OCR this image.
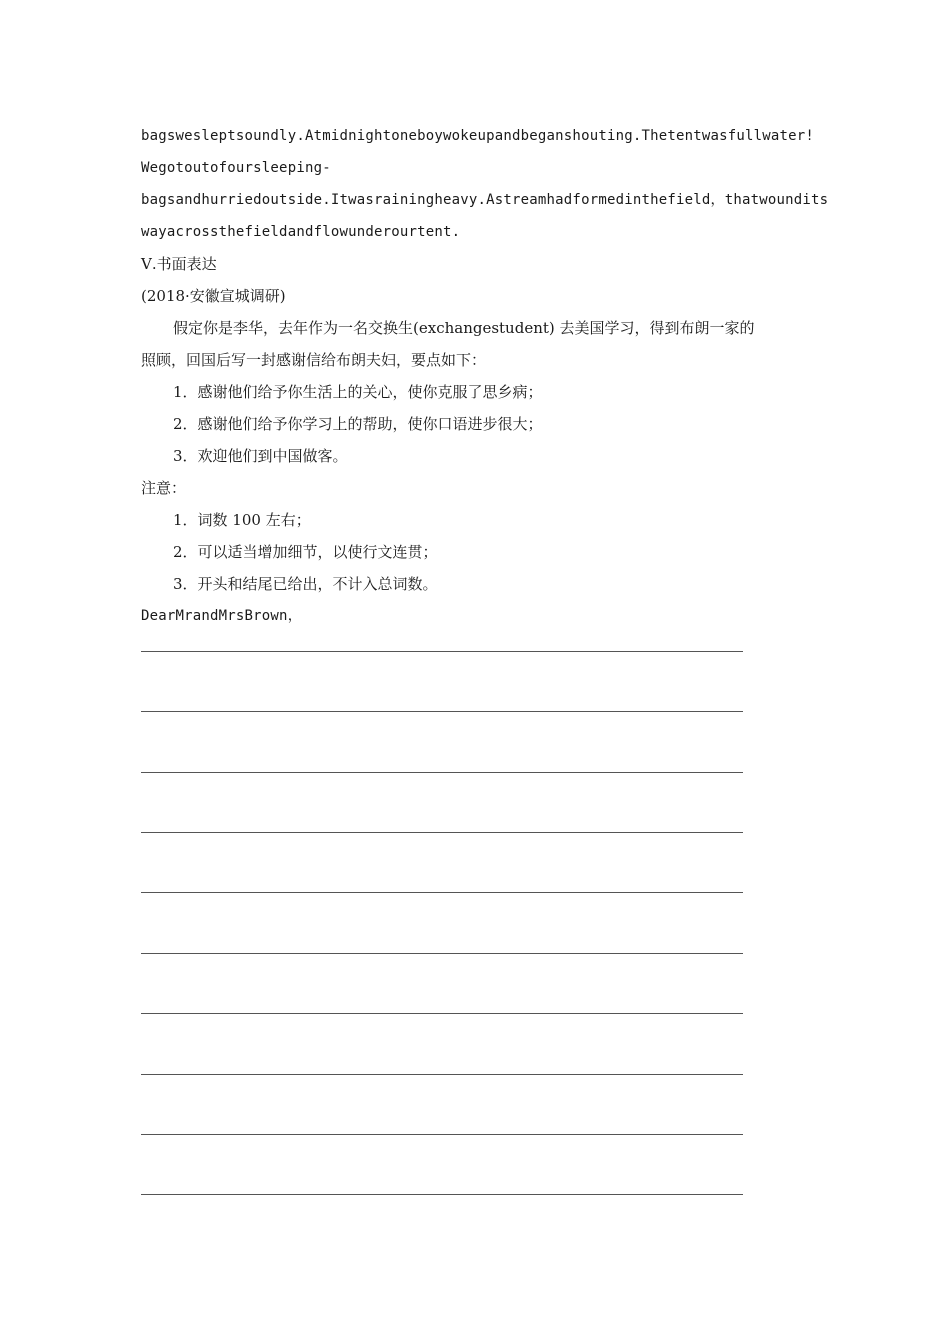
bagswesleptsoundly.Atmidnightoneboywokeupandbeganshouting.Thetentwasfullwater!
Wegotoutofoursleeping-
bagsandhurriedoutside.Itwasrainingheavy.Astreamhadformedinthefield，thatwoundits
wayacrossthefieldandflowunderourtent.
Ⅴ.书面表达
(2018·安徽宣城调研)
假定你是李华，去年作为一名交换生(exchangestudent) 去美国学习，得到布朗一家的
照顾，回国后写一封感谢信给布朗夫妇，要点如下：
1．感谢他们给予你生活上的关心，使你克服了思乡病；
2．感谢他们给予你学习上的帮助，使你口语进步很大；
3．欢迎他们到中国做客。
注意：
1．词数 100 左右；
2．可以适当增加细节，以使行文连贯；
3．开头和结尾已给出，不计入总词数。
DearMrandMrsBrown，
